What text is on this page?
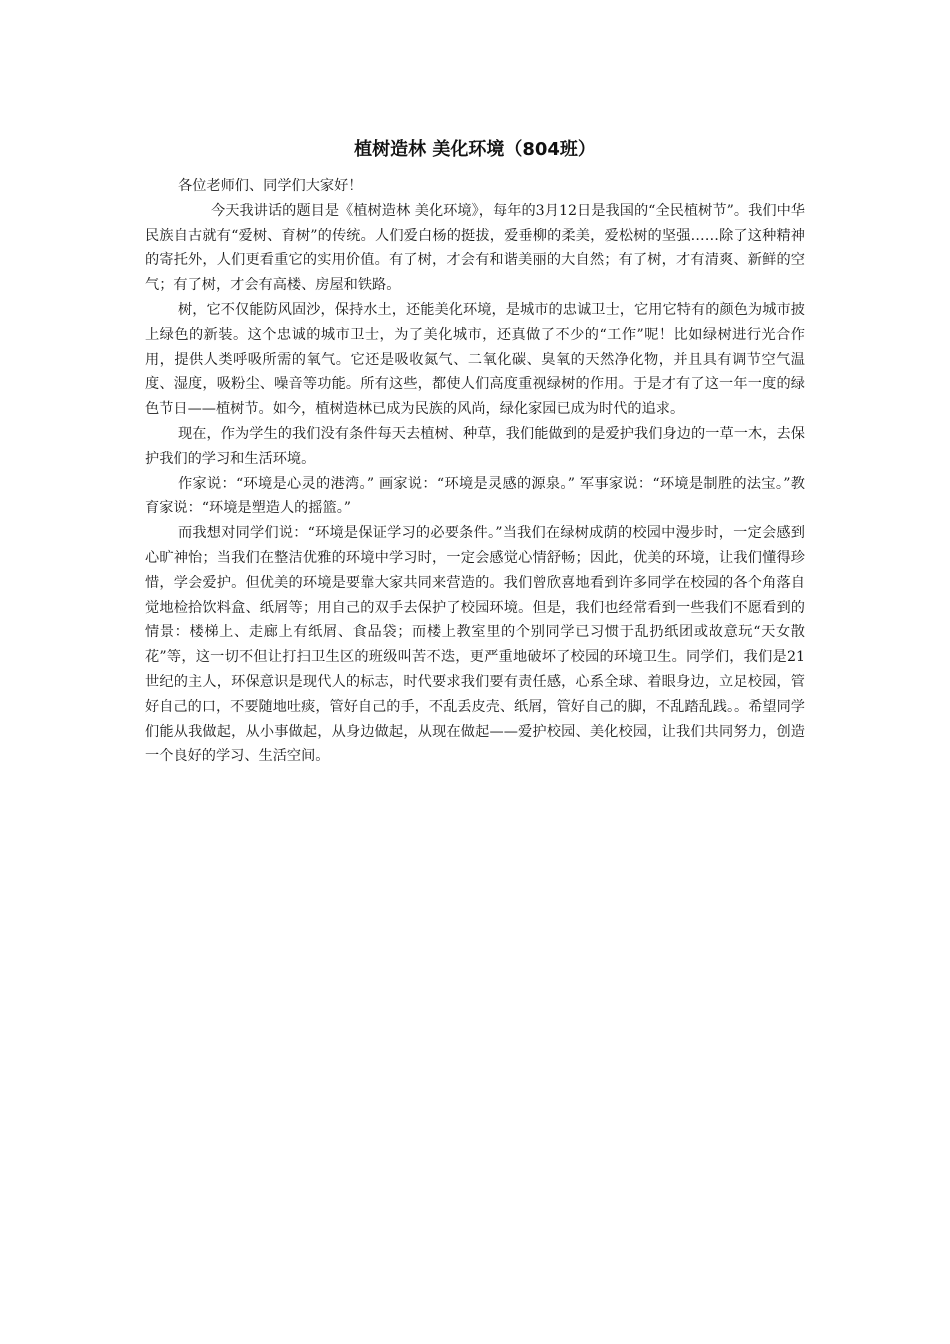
植树造林 美化环境（804班）

各位老师们、同学们大家好！

今天我讲话的题目是《植树造林 美化环境》，每年的3月12日是我国的“全民植树节”。我们中华民族自古就有“爱树、育树”的传统。人们爱白杨的挺拔，爱垂柳的柔美，爱松树的坚强……除了这种精神的寄托外，人们更看重它的实用价值。有了树，才会有和谐美丽的大自然；有了树，才有清爽、新鲜的空气；有了树，才会有高楼、房屋和铁路。

树，它不仅能防风固沙，保持水土，还能美化环境，是城市的忠诚卫士，它用它特有的颜色为城市披上绿色的新装。这个忠诚的城市卫士，为了美化城市，还真做了不少的“工作”呢！比如绿树进行光合作用，提供人类呼吸所需的氧气。它还是吸收氮气、二氧化碳、臭氧的天然净化物，并且具有调节空气温度、湿度，吸粉尘、噪音等功能。所有这些，都使人们高度重视绿树的作用。于是才有了这一年一度的绿色节日——植树节。如今，植树造林已成为民族的风尚，绿化家园已成为时代的追求。

现在，作为学生的我们没有条件每天去植树、种草，我们能做到的是爱护我们身边的一草一木，去保护我们的学习和生活环境。

作家说：“环境是心灵的港湾。” 画家说：“环境是灵感的源泉。” 军事家说：“环境是制胜的法宝。”教育家说：“环境是塑造人的摇篮。”

而我想对同学们说：“环境是保证学习的必要条件。”当我们在绿树成荫的校园中漫步时，一定会感到心旷神怡；当我们在整洁优雅的环境中学习时，一定会感觉心情舒畅；因此，优美的环境，让我们懂得珍惜，学会爱护。但优美的环境是要靠大家共同来营造的。我们曾欣喜地看到许多同学在校园的各个角落自觉地检拾饮料盒、纸屑等；用自己的双手去保护了校园环境。但是，我们也经常看到一些我们不愿看到的情景：楼梯上、走廊上有纸屑、食品袋；而楼上教室里的个别同学已习惯于乱扔纸团或故意玩“天女散花”等，这一切不但让打扫卫生区的班级叫苦不迭，更严重地破坏了校园的环境卫生。同学们，我们是21世纪的主人，环保意识是现代人的标志，时代要求我们要有责任感，心系全球、着眼身边，立足校园，管好自己的口，不要随地吐痰，管好自己的手，不乱丢皮壳、纸屑，管好自己的脚，不乱踏乱践。。希望同学们能从我做起，从小事做起，从身边做起，从现在做起——爱护校园、美化校园，让我们共同努力，创造一个良好的学习、生活空间。
